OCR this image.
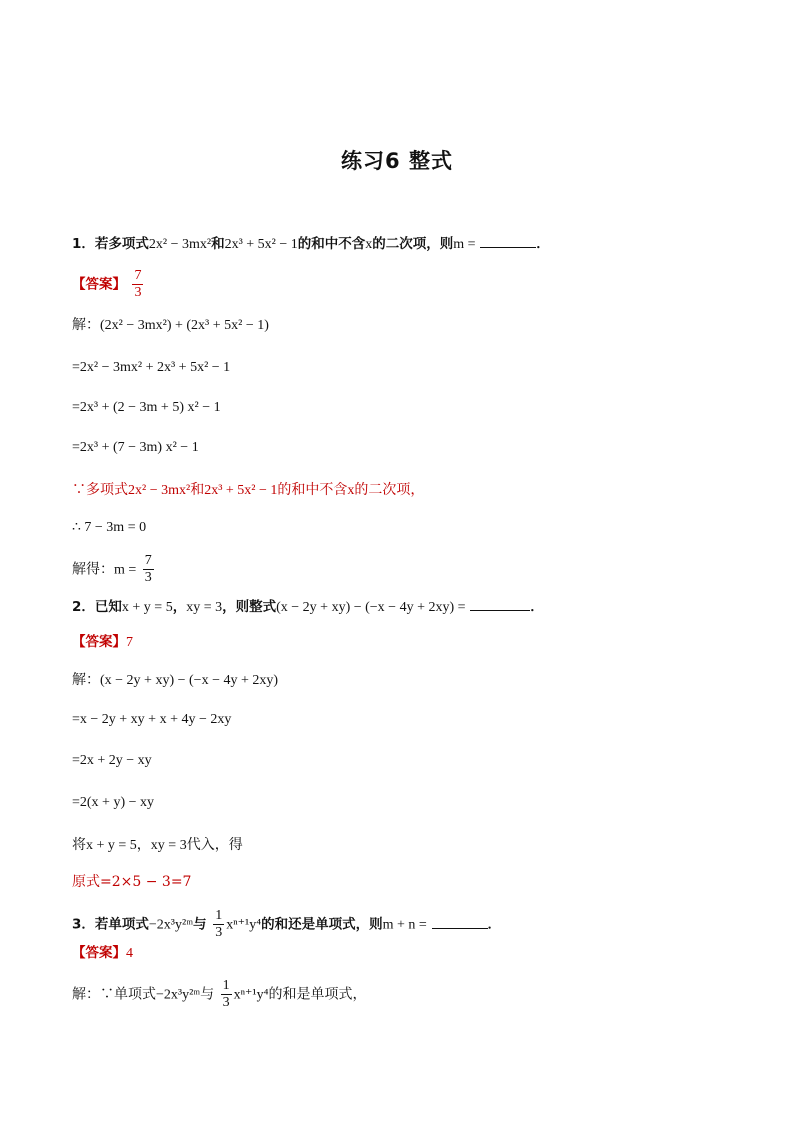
练习6 整式
1．若多项式2x² − 3mx²和2x³ + 5x² − 1的和中不含x的二次项，则m =	．
【答案】 $\frac{7}{3}$
解：(2x² − 3mx²) + (2x³ + 5x² − 1)
=2x² − 3mx² + 2x³ + 5x² − 1
=2x³ + (2 − 3m + 5) x² − 1
=2x³ + (7 − 3m) x² − 1
∵多项式2x² − 3mx²和2x³ + 5x² − 1的和中不含x的二次项，
∴ 7 − 3m = 0
解得：$m = \frac{7}{3}$
2．已知x + y = 5，xy = 3，则整式(x − 2y + xy) − (−x − 4y + 2xy) =	．
【答案】7
解：(x − 2y + xy) − (−x − 4y + 2xy)
=x − 2y + xy + x + 4y − 2xy
=2x + 2y − xy
=2(x + y) − xy
将x + y = 5，xy = 3代入，得
原式=2×5 − 3=7
3．若单项式−2x³y²ᵐ与 $\frac{1}{3} x^{n+1}y^4$的和还是单项式，则m + n =	．
【答案】4
解：∵单项式−2x³y²ᵐ与 $\frac{1}{3} x^{n+1}y^4$的和是单项式，
